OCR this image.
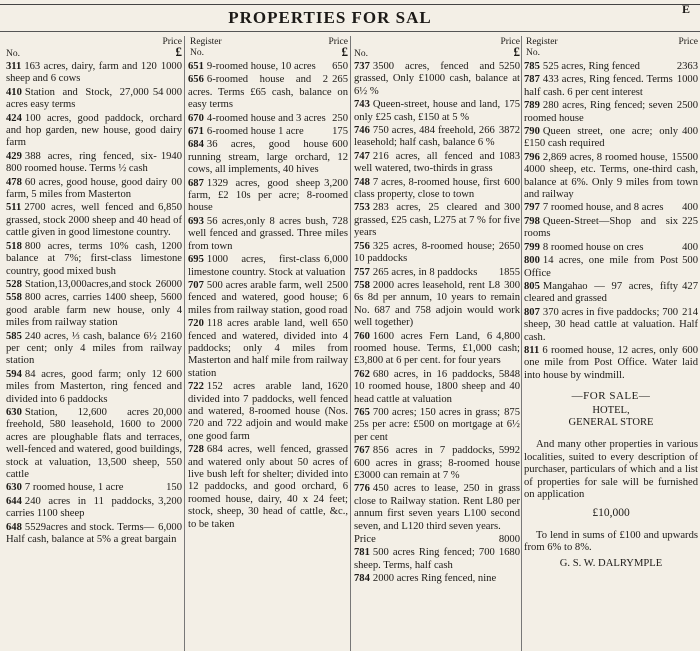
PROPERTIES FOR SAL	E
No.
Price
£
1000
311 163 acres, dairy, farm and 120 sheep and 6 cows
54 000
410 Station and Stock, 27,000 acres easy terms
424 100 acres, good paddock, orchard and hop garden, new house, good dairy farm
1940
429 388 acres, ring fenced, six- 800 roomed house. Terms ½ cash
00
478 60 acres, good house, good dairy farm, 5 miles from Masterton
6,850
511 2700 acres, well fenced and grassed, stock 2000 sheep and 40 head of cattle given in good limestone country.
1200
518 800 acres, terms 10% cash, balance at 7%; first-class limestone country, good mixed bush
26000
528 Station,13,000acres,and stock
5600
558 800 acres, carries 1400 sheep, good arable farm new house, only 4 miles from railway station
2160
585 240 acres, ⅓ cash, balance 6½ per cent; only 4 miles from railway station
600
594 84 acres, good farm; only 12 miles from Masterton, ring fenced and divided into 6 paddocks
20,000
630 Station, 12,600 acres freehold, 580 leasehold, 1600 to 2000 acres are ploughable flats and terraces, well-fenced and watered, good buildings, stock at valuation, 13,500 sheep, 550 cattle
150
630 7 roomed house, 1 acre
3,200
644 240 acres in 11 paddocks, carries 1100 sheep
6,000
648 5529acres and stock. Terms—Half cash, balance at 5% a great bargain
Register
No.
Price
£
650
651 9-roomed house, 10 acres
265
656 6-roomed house and 2 acres. Terms £65 cash, balance on easy terms
250
670 4-roomed house and 3 acres
175
671 6-roomed house 1 acre
600
684 36 acres, good house running stream, large orchard, 12 cows, all implements, 40 hives
3,200
687 1329 acres, good sheep farm, £2 10s per acre; 8-roomed house
728
693 56 acres,only 8 acres bush, well fenced and grassed. Three miles from town
6,000
695 1000 acres, first-class limestone country. Stock at valuation
2500
707 500 acres arable farm, well fenced and watered, good house; 6 miles from railway station, good road
650
720 118 acres arable land, well fenced and watered, divided into 4 paddocks; only 4 miles from Masterton and half mile from railway station
1620
722 152 acres arable land, divided into 7 paddocks, well fenced and watered, 8-roomed house (Nos. 720 and 722 adjoin and would make one good farm
728 684 acres, well fenced, grassed and watered only about 50 acres of live bush left for shelter; divided into 12 paddocks, and good orchard, 6 roomed house, dairy, 40 x 24 feet; stock, sheep, 30 head of cattle, &c., to be taken
No.
Price
£
5250
737 3500 acres, fenced and grassed, Only £1000 cash, balance at 6½ %
175
743 Queen-street, house and land, only £25 cash, £150 at 5 %
3872
746 750 acres, 484 freehold, 266 leasehold; half cash, balance 6 %
1083
747 216 acres, all fenced and well watered, two-thirds in grass
600
748 7 acres, 8-roomed house, first class property, close to town
300
753 283 acres, 25 cleared and grassed, £25 cash, L275 at 7 % for five years
2650
756 325 acres, 8-roomed house; 10 paddocks
1855
757 265 acres, in 8 paddocks
300
758 2000 acres leasehold, rent L8 6s 8d per annum, 10 years to remain No. 687 and 758 adjoin would work well together)
4,800
760 1600 acres Fern Land, 6 roomed house. Terms, £1,000 cash; £3,800 at 6 per cent. for four years
5848
762 680 acres, in 16 paddocks, 10 roomed house, 1800 sheep and 40 head cattle at valuation
875
765 700 acres; 150 acres in grass; 25s per acre: £500 on mortgage at 6½ per cent
5992
767 856 acres in 7 paddocks, 600 acres in grass; 8-roomed house £3000 can remain at 7 %
776 450 acres to lease, 250 in grass close to Railway station. Rent L80 per annum first seven years L100 second seven, and L120 third seven years.
8000
Price
1680
781 500 acres Ring fenced; 700 sheep. Terms, half cash
784 2000 acres Ring fenced, nine
Register
No.
Price
2363
785 525 acres, Ring fenced
1000
787 433 acres, Ring fenced. Terms half cash. 6 per cent interest
2500
789 280 acres, Ring fenced; seven roomed house
400
790 Queen street, one acre; only £150 cash required
15500
796 2,869 acres, 8 roomed house, 4000 sheep, etc. Terms, one-third cash, balance at 6%. Only 9 miles from town and railway
400
797 7 roomed house, and 8 acres
225
798 Queen-Street—Shop and six rooms
400
799 8 roomed house on cres
500
800 14 acres, one mile from Post Office
427
805 Mangahao — 97 acres, fifty cleared and grassed
214
807 370 acres in five paddocks; 700 sheep, 30 head cattle at valuation. Half cash.
600
811 6 roomed house, 12 acres, only one mile from Post Office. Water laid into house by windmill.
—FOR SALE—
HOTEL,
GENERAL STORE
And many other properties in various localities, suited to every description of purchaser, particulars of which and a list of properties for sale will be furnished on application
£10,000
To lend in sums of £100 and upwards from 6% to 8%.
G. S. W. DALRYMPLE
